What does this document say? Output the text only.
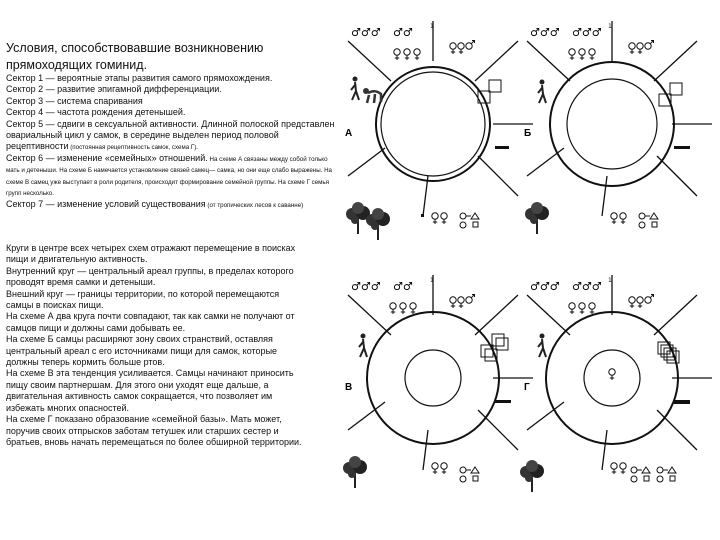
Условия, способствовавшие возникновению прямоходящих гоминид.
Сектор 1 — вероятные этапы развития самого прямохождения.
Сектор 2 — развитие эпигамной дифференциации.
Сектор 3 — система спаривания
Сектор 4 — частота рождения детенышей.
Сектор 5 — сдвиги в сексуальной активности. Длинной полоской представлен овариальный цикл у самок, в середине выделен период половой рецептивности (постоянная рецептивность самок, схема Г).
Сектор 6 — изменение «семейных» отношений. На схеме А связаны между собой только мать и детеныши. На схеме Б намечается установление связей самец— самка, но они еще слабо выражены. На схеме В самец уже выступает в роли родителя, происходит формирование семейной группы. На схеме Г семья групп несколько.
Сектор 7 — изменение условий существования (от тропических лесов к саванне)
Круги в центре всех четырех схем отражают перемещение в поисках пищи и двигательную активность.
Внутренний круг — центральный ареал группы, в пределах которого проводят время самки и детеныши.
Внешний круг — границы территории, по которой перемещаются самцы в поисках пищи.
На схеме А два круга почти совпадают, так как самки не получают от самцов пищи и должны сами добывать ее.
На схеме Б самцы расширяют зону своих странствий, оставляя центральный ареал с его источниками пищи для самок, которые должны теперь кормить больше ртов.
На схеме В эта тенденция усиливается. Самцы начинают приносить пищу своим партнершам. Для этого они уходят еще дальше, а двигательная активность самок сокращается, что позволяет им избежать многих опасностей.
На схеме Г показано образование «семейной базы». Мать может, поручив своих отпрысков заботам тетушек или старших сестер и братьев, вновь начать перемещаться по более обширной территории.
А
♂♂♂ ♂♂
Б
♂♂♂ ♂♂♂
В
♂♂♂ ♂♂
Г
♂♂♂ ♂♂♂
1	1
1	1
